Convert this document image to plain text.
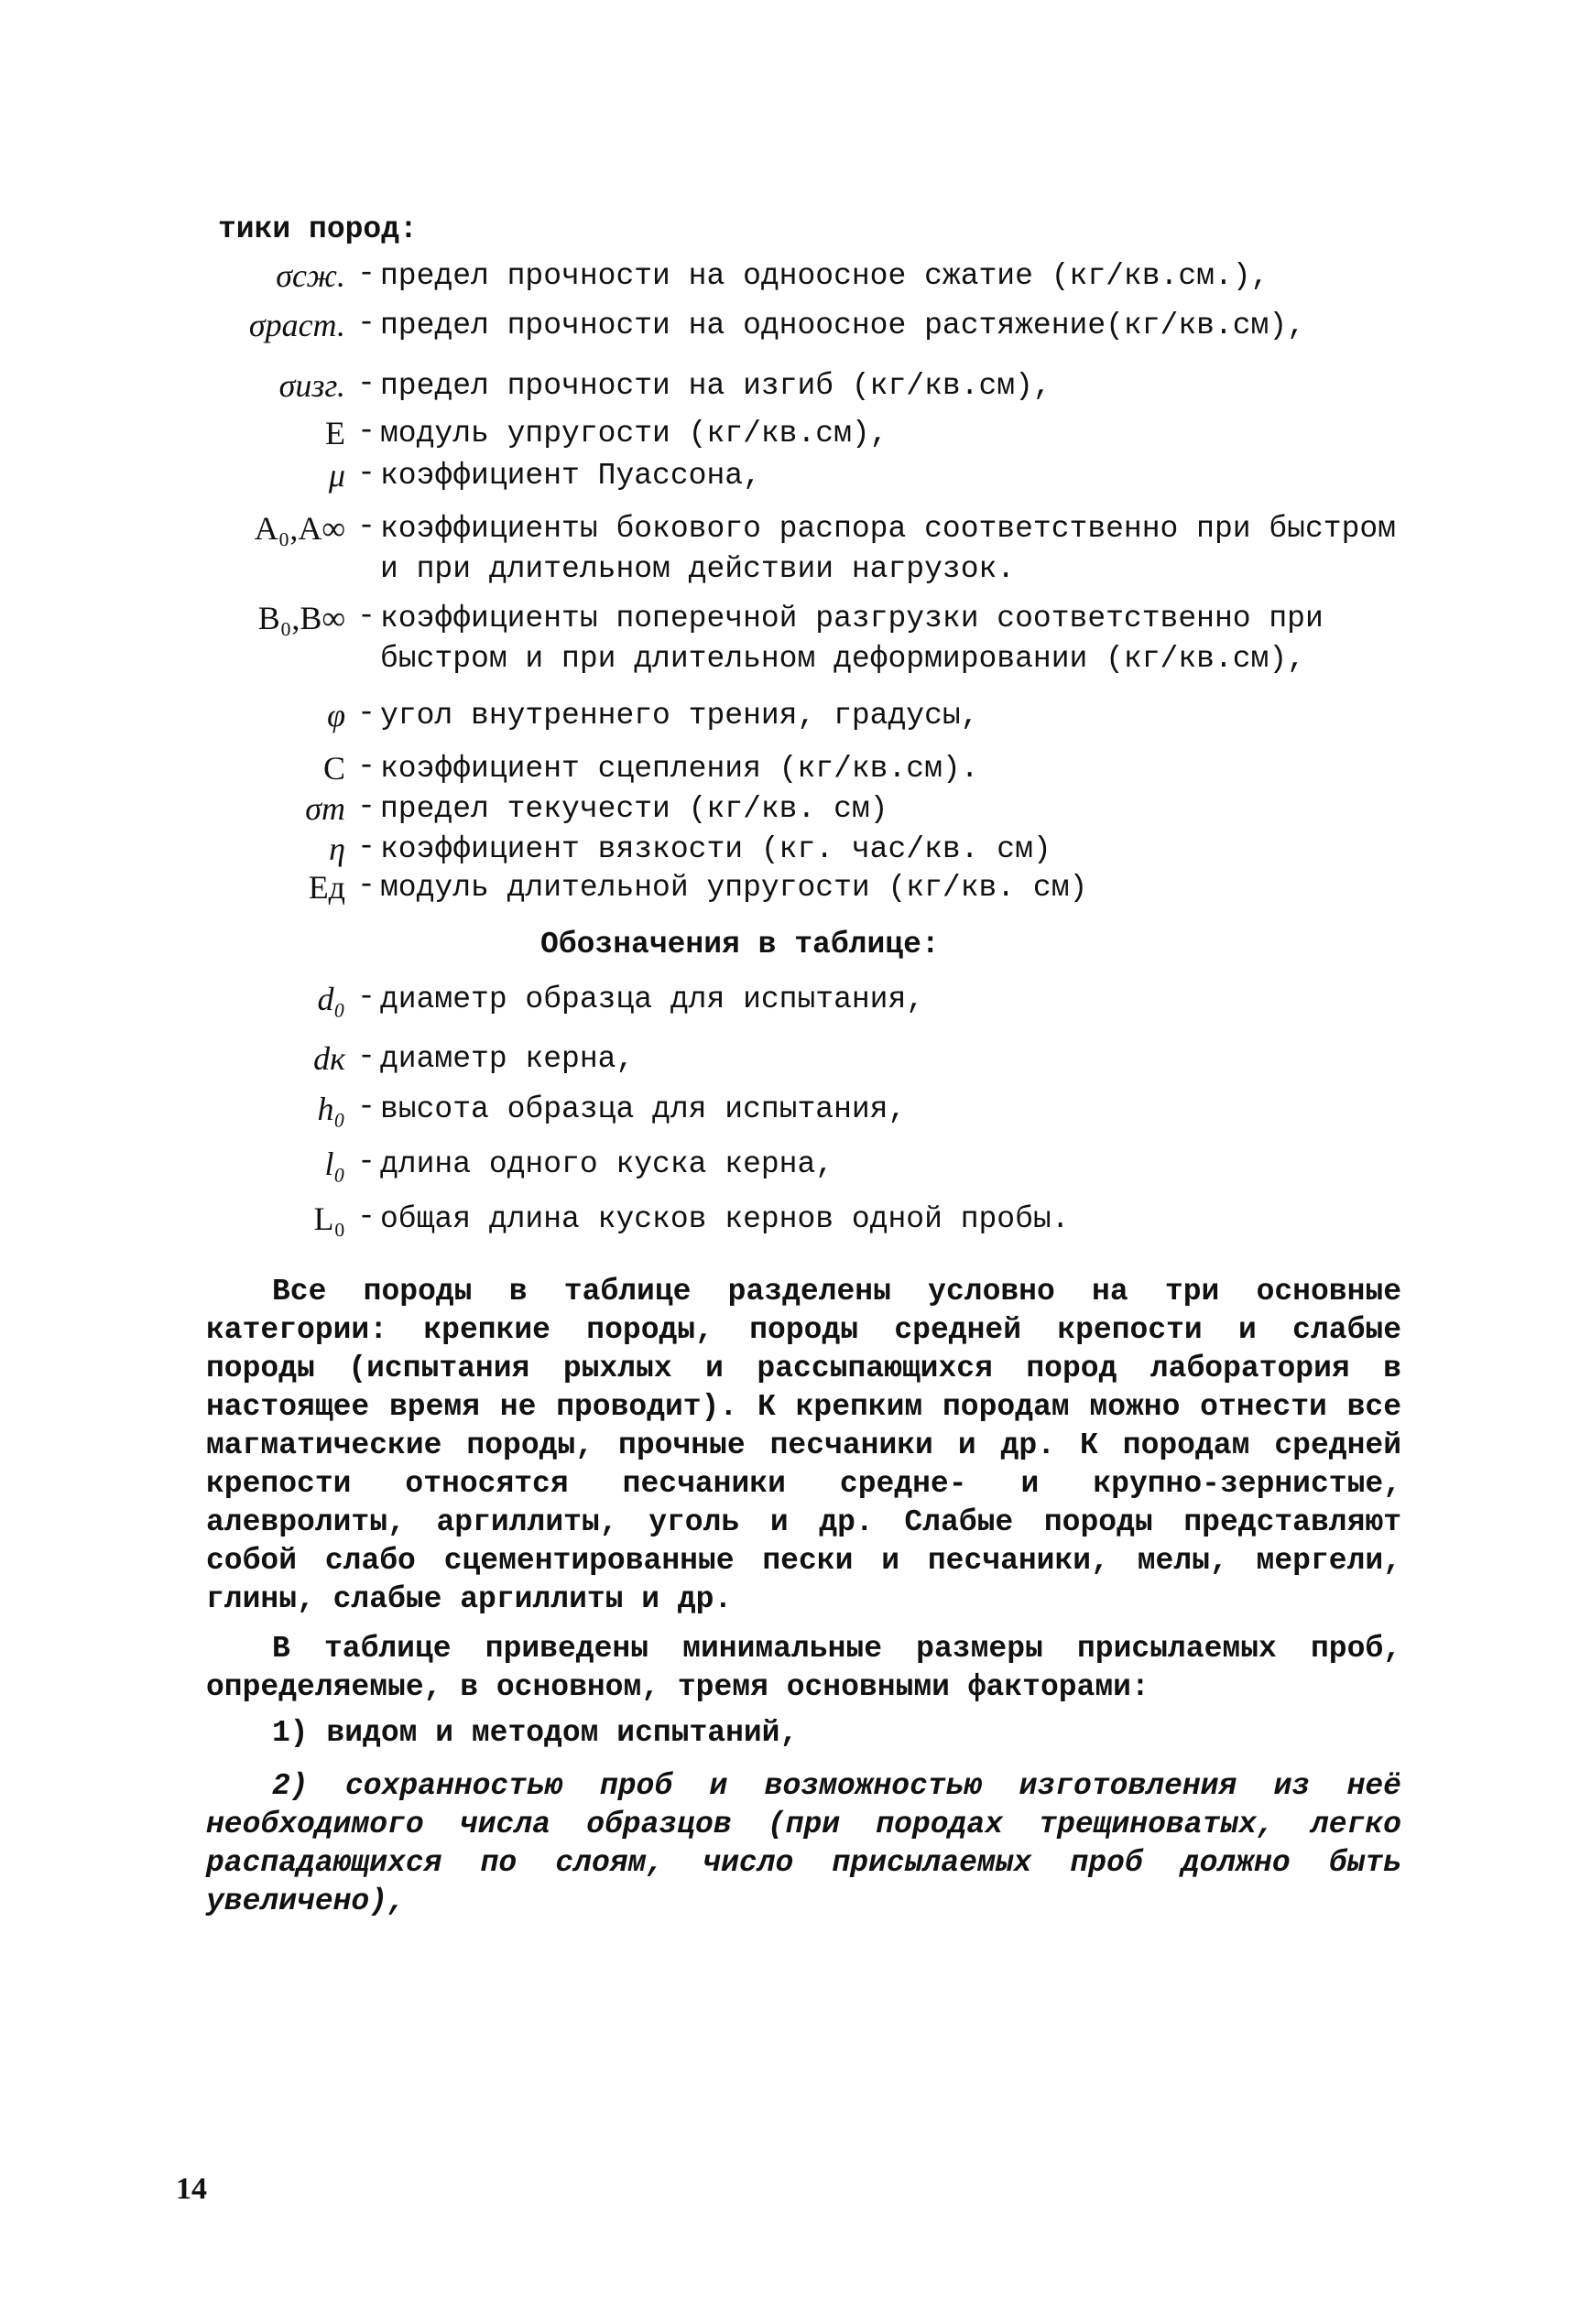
тики пород:
σсж. - предел прочности на одноосное сжатие (кг/кв.см.),
σраст. - предел прочности на одноосное растяжение(кг/кв.см),
σизг. - предел прочности на изгиб (кг/кв.см),
E - модуль упругости (кг/кв.см),
μ - коэффициент Пуассона,
A₀,A∞ - коэффициенты бокового распора соответственно при быстром и при длительном действии нагрузок.
B₀,B∞ - коэффициенты поперечной разгрузки соответственно при быстром и при длительном деформировании (кг/кв.см),
φ - угол внутреннего трения, градусы,
C - коэффициент сцепления (кг/кв.см).
σт - предел текучести (кг/кв. см)
η - коэффициент вязкости (кг. час/кв. см)
Eд - модуль длительной упругости (кг/кв. см)
Обозначения в таблице:
d₀ - диаметр образца для испытания,
dк - диаметр керна,
h₀ - высота образца для испытания,
l₀ - длина одного куска керна,
L₀ - общая длина кусков кернов одной пробы.

Все породы в таблице разделены условно на три основные категории: крепкие породы, породы средней крепости и слабые породы (испытания рыхлых и рассыпающихся пород лаборатория в настоящее время не проводит). К крепким породам можно отнести все магматические породы, прочные песчаники и др. К породам средней крепости относятся песчаники средне- и крупно-зернистые, алевролиты, аргиллиты, уголь и др. Слабые породы представляют собой слабо сцементированные пески и песчаники, мелы, мергели, глины, слабые аргиллиты и др.

В таблице приведены минимальные размеры присылаемых проб, определяемые, в основном, тремя основными факторами:

1) видом и методом испытаний,

2) сохранностью проб и возможностью изготовления из неё необходимого числа образцов (при породах трещиноватых, легко распадающихся по слоям, число присылаемых проб должно быть увеличено),

14
